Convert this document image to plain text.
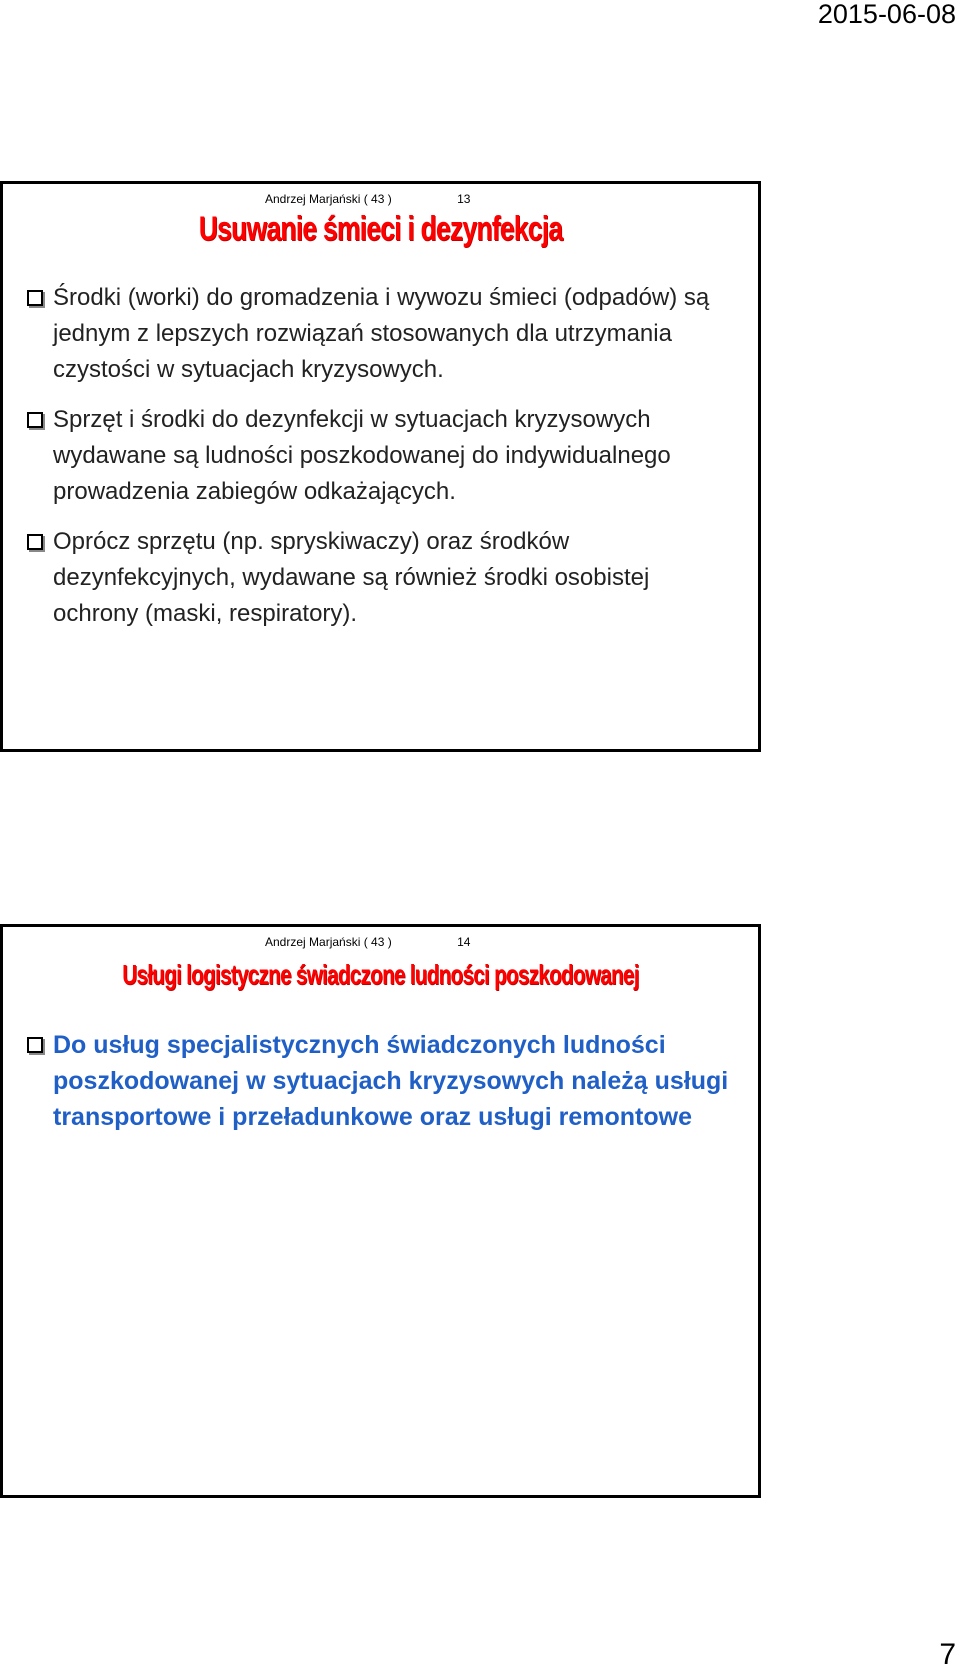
2015-06-08
Andrzej Marjański ( 43 )	13
Usuwanie śmieci i dezynfekcja
Środki (worki) do gromadzenia i wywozu śmieci (odpadów) są jednym z lepszych rozwiązań stosowanych dla utrzymania czystości w sytuacjach kryzysowych.
Sprzęt i środki do dezynfekcji w sytuacjach kryzysowych wydawane są ludności poszkodowanej do indywidualnego prowadzenia zabiegów odkażających.
Oprócz sprzętu (np. spryskiwaczy) oraz środków dezynfekcyjnych, wydawane są również środki osobistej ochrony (maski, respiratory).
Andrzej Marjański ( 43 )	14
Usługi logistyczne świadczone ludności poszkodowanej
Do usług specjalistycznych świadczonych ludności poszkodowanej w sytuacjach kryzysowych należą usługi transportowe i przeładunkowe oraz usługi remontowe
7
